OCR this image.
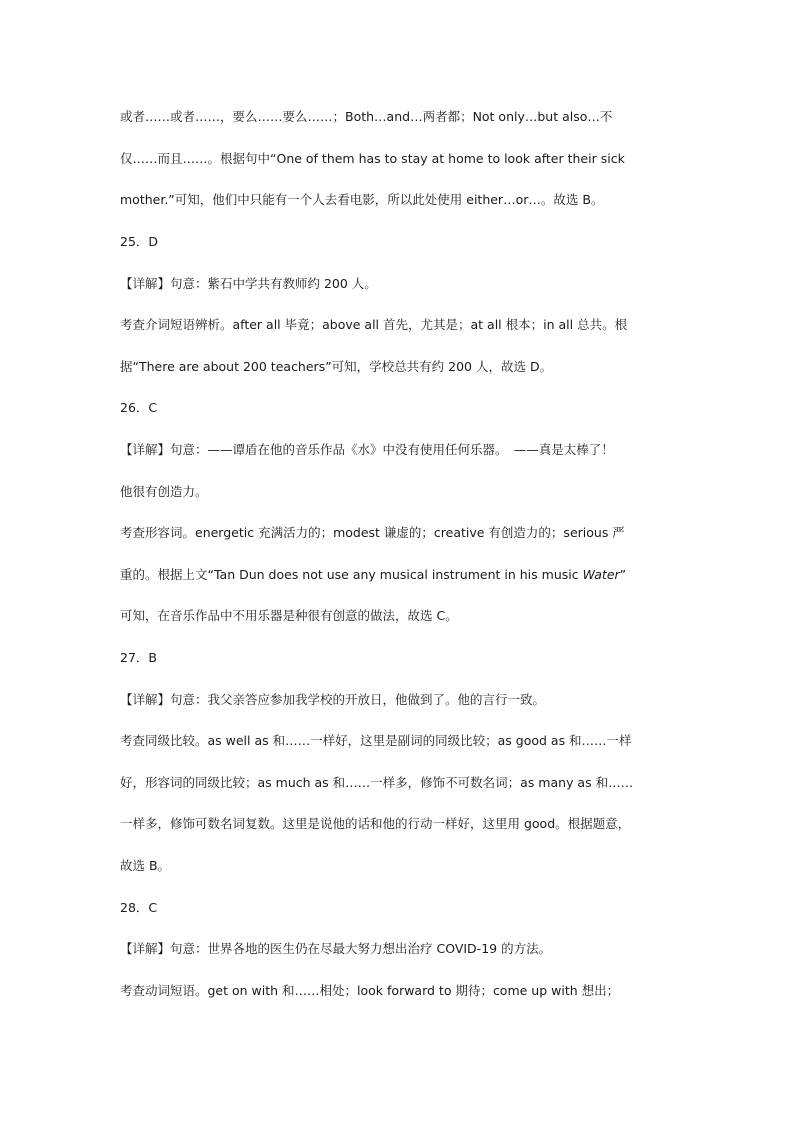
或者……或者……，要么……要么……；Both…and…两者都；Not only…but also…不
仅……而且……。根据句中“One of them has to stay at home to look after their sick
mother.”可知，他们中只能有一个人去看电影，所以此处使用 either…or…。故选 B。
25．D
【详解】句意：紫石中学共有教师约 200 人。
考查介词短语辨析。after all 毕竟；above all 首先，尤其是；at all 根本；in all 总共。根
据“There are about 200 teachers”可知，学校总共有约 200 人，故选 D。
26．C
【详解】句意：——谭盾在他的音乐作品《水》中没有使用任何乐器。　——真是太棒了！
他很有创造力。
考查形容词。energetic 充满活力的；modest 谦虚的；creative 有创造力的；serious 严
重的。根据上文“Tan Dun does not use any musical instrument in his music Water”
可知，在音乐作品中不用乐器是种很有创意的做法，故选 C。
27．B
【详解】句意：我父亲答应参加我学校的开放日，他做到了。他的言行一致。
考查同级比较。as well as 和……一样好，这里是副词的同级比较；as good as 和……一样
好，形容词的同级比较；as much as 和……一样多，修饰不可数名词；as many as 和……
一样多，修饰可数名词复数。这里是说他的话和他的行动一样好，这里用 good。根据题意，
故选 B。
28．C
【详解】句意：世界各地的医生仍在尽最大努力想出治疗 COVID-19 的方法。
考查动词短语。get on with 和……相处；look forward to 期待；come up with 想出；
